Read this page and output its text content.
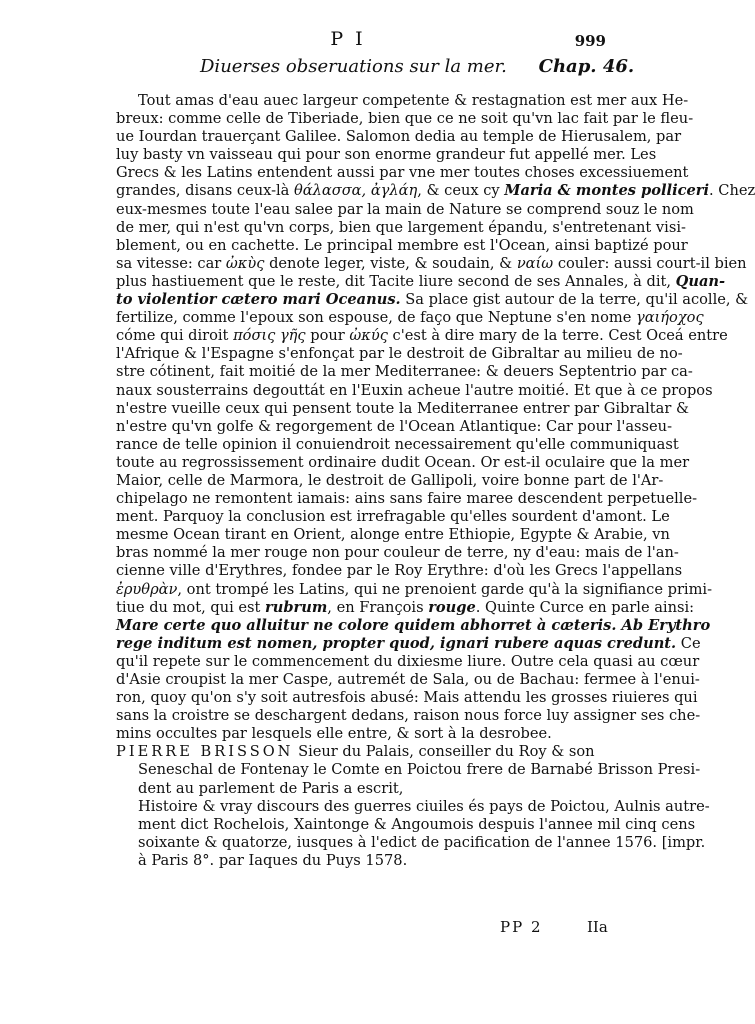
P I	999
Diuerses obseruations sur la mer. Chap. 46.
Tout amas d'eau auec largeur competente & restagnation est mer aux He-
breux: comme celle de Tiberiade, bien que ce ne soit qu'vn lac fait par le fleu-
ue Iourdan trauerçant Galilee. Salomon dedia au temple de Hierusalem, par
luy basty vn vaisseau qui pour son enorme grandeur fut appellé mer. Les
Grecs & les Latins entendent aussi par vne mer toutes choses excessiuement
grandes, disans ceux-là θάλασσα, ἀγλάη, & ceux cy Maria & montes polliceri. Chez
eux-mesmes toute l'eau salee par la main de Nature se comprend souz le nom
de mer, qui n'est qu'vn corps, bien que largement épandu, s'entretenant visi-
blement, ou en cachette. Le principal membre est l'Ocean, ainsi baptizé pour
sa vitesse: car ὠκὺς denote leger, viste, & soudain, & ναίω couler: aussi court-il bien
plus hastiuement que le reste, dit Tacite liure second de ses Annales, à dit, Quan-
to violentior cætero mari Oceanus. Sa place gist autour de la terre, qu'il acolle, &
fertilize, comme l'epoux son espouse, de faço que Neptune s'en nome γαιήοχος
cóme qui diroit πόσις γῆς pour ὠκύς c'est à dire mary de la terre. Cest Oceá entre
l'Afrique & l'Espagne s'enfonçat par le destroit de Gibraltar au milieu de no-
stre cótinent, fait moitié de la mer Mediterranee: & deuers Septentrio par ca-
naux sousterrains degouttát en l'Euxin acheue l'autre moitié. Et que à ce propos
n'estre vueille ceux qui pensent toute la Mediterranee entrer par Gibraltar &
n'estre qu'vn golfe & regorgement de l'Ocean Atlantique: Car pour l'asseu-
rance de telle opinion il conuiendroit necessairement qu'elle communiquast
toute au regrossissement ordinaire dudit Ocean. Or est-il oculaire que la mer
Maior, celle de Marmora, le destroit de Gallipoli, voire bonne part de l'Ar-
chipelago ne remontent iamais: ains sans faire maree descendent perpetuelle-
ment. Parquoy la conclusion est irrefragable qu'elles sourdent d'amont. Le
mesme Ocean tirant en Orient, alonge entre Ethiopie, Egypte & Arabie, vn
bras nommé la mer rouge non pour couleur de terre, ny d'eau: mais de l'an-
cienne ville d'Erythres, fondee par le Roy Erythre: d'où les Grecs l'appellans
ἐρυθρὰν, ont trompé les Latins, qui ne prenoient garde qu'à la signifiance primi-
tiue du mot, qui est rubrum, en François rouge. Quinte Curce en parle ainsi:
Mare certe quo alluitur ne colore quidem abhorret à cæteris. Ab Erythro
rege inditum est nomen, propter quod, ignari rubere aquas credunt. Ce
qu'il repete sur le commencement du dixiesme liure. Outre cela quasi au cœur
d'Asie croupist la mer Caspe, autremét de Sala, ou de Bachau: fermee à l'enui-
ron, quoy qu'on s'y soit autresfois abusé: Mais attendu les grosses riuieres qui
sans la croistre se deschargent dedans, raison nous force luy assigner ses che-
mins occultes par lesquels elle entre, & sort à la desrobee.
PIERRE BRISSON Sieur du Palais, conseiller du Roy & son
Seneschal de Fontenay le Comte en Poictou frere de Barnabé Brisson Presi-
dent au parlement de Paris a escrit,
Histoire & vray discours des guerres ciuiles és pays de Poictou, Aulnis autre-
ment dict Rochelois, Xaintonge & Angoumois despuis l'annee mil cinq cens
soixante & quatorze, iusques à l'edict de pacification de l'annee 1576. [impr.
à Paris 8°. par Iaques du Puys 1578.
PP 2	IIa
